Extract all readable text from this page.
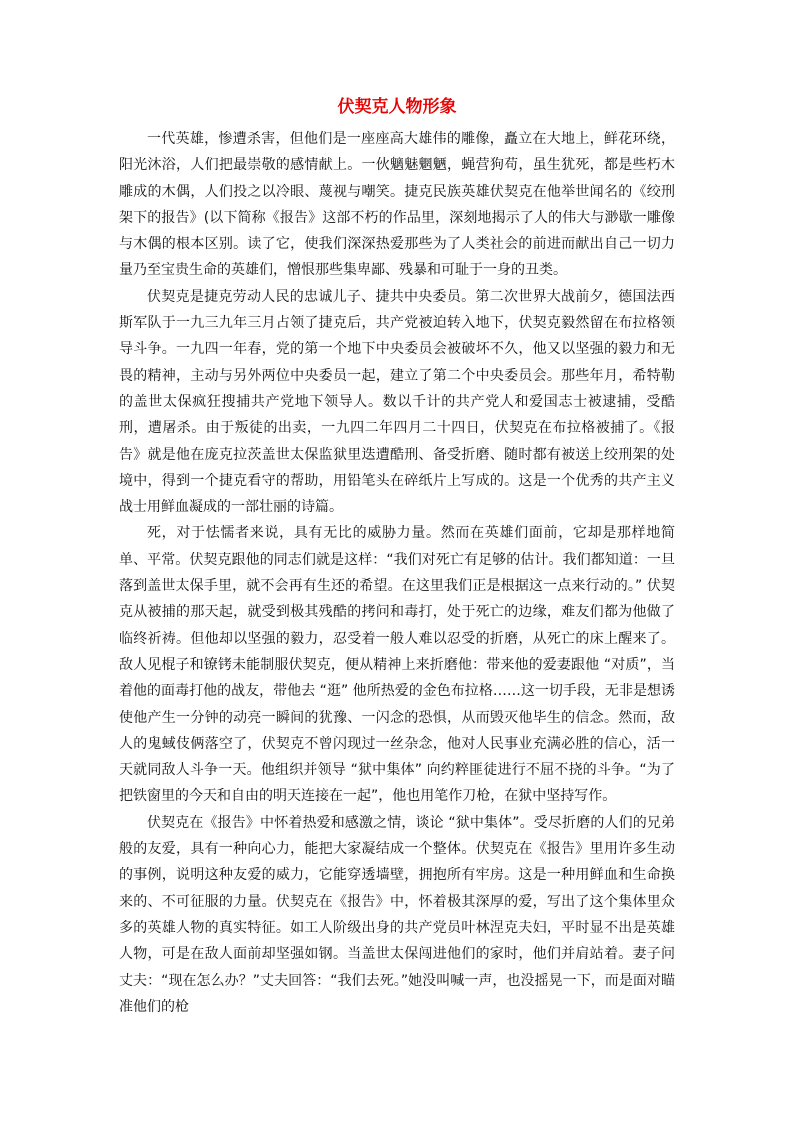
伏契克人物形象

一代英雄，惨遭杀害，但他们是一座座高大雄伟的雕像，矗立在大地上，鲜花环绕，阳光沐浴，人们把最崇敬的感情献上。一伙魑魅魍魉，蝇营狗苟，虽生犹死，都是些朽木雕成的木偶，人们投之以冷眼、蔑视与嘲笑。捷克民族英雄伏契克在他举世闻名的《绞刑架下的报告》(以下简称《报告》这部不朽的作品里，深刻地揭示了人的伟大与渺歇一雕像与木偶的根本区别。读了它，使我们深深热爱那些为了人类社会的前进而献出自己一切力量乃至宝贵生命的英雄们，憎恨那些集卑鄙、残暴和可耻于一身的丑类。

伏契克是捷克劳动人民的忠诚儿子、捷共中央委员。第二次世界大战前夕，德国法西斯军队于一九三九年三月占领了捷克后，共产党被迫转入地下，伏契克毅然留在布拉格领导斗争。一九四一年春，党的第一个地下中央委员会被破坏不久，他又以坚强的毅力和无畏的精神，主动与另外两位中央委员一起，建立了第二个中央委员会。那些年月，希特勒的盖世太保疯狂搜捕共产党地下领导人。数以千计的共产党人和爱国志士被逮捕，受酷刑，遭屠杀。由于叛徒的出卖，一九四二年四月二十四日，伏契克在布拉格被捕了。《报告》就是他在庞克拉茨盖世太保监狱里迭遭酷刑、备受折磨、随时都有被送上绞刑架的处境中，得到一个捷克看守的帮助，用铅笔头在碎纸片上写成的。这是一个优秀的共产主义战士用鲜血凝成的一部壮丽的诗篇。

死，对于怯懦者来说，具有无比的威胁力量。然而在英雄们面前，它却是那样地简单、平常。伏契克跟他的同志们就是这样：“我们对死亡有足够的估计。我们都知道：一旦落到盖世太保手里，就不会再有生还的希望。在这里我们正是根据这一点来行动的。” 伏契克从被捕的那天起，就受到极其残酷的拷问和毒打，处于死亡的边缘，难友们都为他做了临终祈祷。但他却以坚强的毅力，忍受着一般人难以忍受的折磨，从死亡的床上醒来了。敌人见棍子和镣铐未能制服伏契克，便从精神上来折磨他：带来他的爱妻跟他 “对质”，当着他的面毒打他的战友，带他去 “逛” 他所热爱的金色布拉格……这一切手段，无非是想诱使他产生一分钟的动亮一瞬间的犹豫、一闪念的恐惧，从而毁灭他毕生的信念。然而，敌人的鬼蜮伎俩落空了，伏契克不曾闪现过一丝杂念，他对人民事业充满必胜的信心，活一天就同敌人斗争一天。他组织并领导 “狱中集体” 向约粹匪徒进行不屈不挠的斗争。“为了把铁窗里的今天和自由的明天连接在一起”，他也用笔作刀枪，在狱中坚持写作。

伏契克在《报告》中怀着热爱和感激之情，谈论 “狱中集体”。受尽折磨的人们的兄弟般的友爱，具有一种向心力，能把大家凝结成一个整体。伏契克在《报告》里用许多生动的事例，说明这种友爱的威力，它能穿透墙壁，拥抱所有牢房。这是一种用鲜血和生命换来的、不可征服的力量。伏契克在《报告》中，怀着极其深厚的爱，写出了这个集体里众多的英雄人物的真实特征。如工人阶级出身的共产党员叶林涅克夫妇，平时显不出是英雄人物，可是在敌人面前却坚强如钢。当盖世太保闯进他们的家时，他们并肩站着。妻子问丈夫：“现在怎么办？”丈夫回答：“我们去死。”她没叫喊一声，也没摇晃一下，而是面对瞄准他们的枪
